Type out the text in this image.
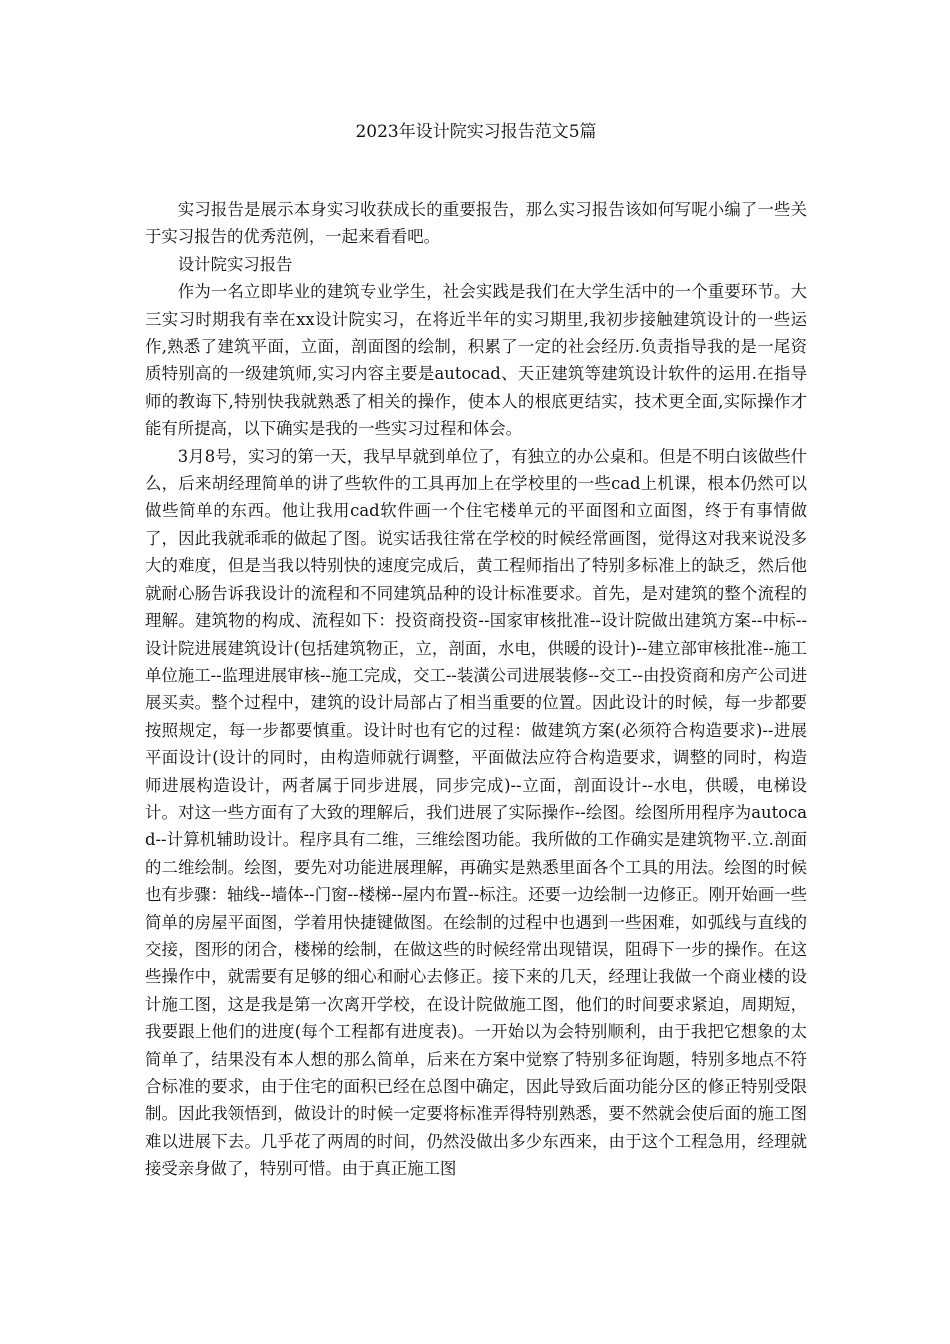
2023年设计院实习报告范文5篇

实习报告是展示本身实习收获成长的重要报告，那么实习报告该如何写呢小编了一些关于实习报告的优秀范例，一起来看看吧。

设计院实习报告

作为一名立即毕业的建筑专业学生，社会实践是我们在大学生活中的一个重要环节。大三实习时期我有幸在xx设计院实习，在将近半年的实习期里,我初步接触建筑设计的一些运作,熟悉了建筑平面，立面，剖面图的绘制，积累了一定的社会经历.负责指导我的是一尾资质特别高的一级建筑师,实习内容主要是autocad、天正建筑等建筑设计软件的运用.在指导师的教诲下,特别快我就熟悉了相关的操作，使本人的根底更结实，技术更全面,实际操作才能有所提高，以下确实是我的一些实习过程和体会。

3月8号，实习的第一天，我早早就到单位了，有独立的办公桌和。但是不明白该做些什么，后来胡经理简单的讲了些软件的工具再加上在学校里的一些cad上机课，根本仍然可以做些简单的东西。他让我用cad软件画一个住宅楼单元的平面图和立面图，终于有事情做了，因此我就乖乖的做起了图。说实话我往常在学校的时候经常画图，觉得这对我来说没多大的难度，但是当我以特别快的速度完成后，黄工程师指出了特别多标准上的缺乏，然后他就耐心肠告诉我设计的流程和不同建筑品种的设计标准要求。首先，是对建筑的整个流程的理解。建筑物的构成、流程如下：投资商投资--国家审核批准--设计院做出建筑方案--中标--设计院进展建筑设计(包括建筑物正，立，剖面，水电，供暖的设计)--建立部审核批准--施工单位施工--监理进展审核--施工完成，交工--装潢公司进展装修--交工--由投资商和房产公司进展买卖。整个过程中，建筑的设计局部占了相当重要的位置。因此设计的时候，每一步都要按照规定，每一步都要慎重。设计时也有它的过程：做建筑方案(必须符合构造要求)--进展平面设计(设计的同时，由构造师就行调整，平面做法应符合构造要求，调整的同时，构造师进展构造设计，两者属于同步进展，同步完成)--立面，剖面设计--水电，供暖，电梯设计。对这一些方面有了大致的理解后，我们进展了实际操作--绘图。绘图所用程序为autocad--计算机辅助设计。程序具有二维，三维绘图功能。我所做的工作确实是建筑物平.立.剖面的二维绘制。绘图，要先对功能进展理解，再确实是熟悉里面各个工具的用法。绘图的时候也有步骤：轴线--墙体--门窗--楼梯--屋内布置--标注。还要一边绘制一边修正。刚开始画一些简单的房屋平面图，学着用快捷键做图。在绘制的过程中也遇到一些困难，如弧线与直线的交接，图形的闭合，楼梯的绘制，在做这些的时候经常出现错误，阻碍下一步的操作。在这些操作中，就需要有足够的细心和耐心去修正。接下来的几天，经理让我做一个商业楼的设计施工图，这是我是第一次离开学校，在设计院做施工图，他们的时间要求紧迫，周期短，我要跟上他们的进度(每个工程都有进度表)。一开始以为会特别顺利，由于我把它想象的太简单了，结果没有本人想的那么简单，后来在方案中觉察了特别多征询题，特别多地点不符合标准的要求，由于住宅的面积已经在总图中确定，因此导致后面功能分区的修正特别受限制。因此我领悟到，做设计的时候一定要将标准弄得特别熟悉，要不然就会使后面的施工图难以进展下去。几乎花了两周的时间，仍然没做出多少东西来，由于这个工程急用，经理就接受亲身做了，特别可惜。由于真正施工图
